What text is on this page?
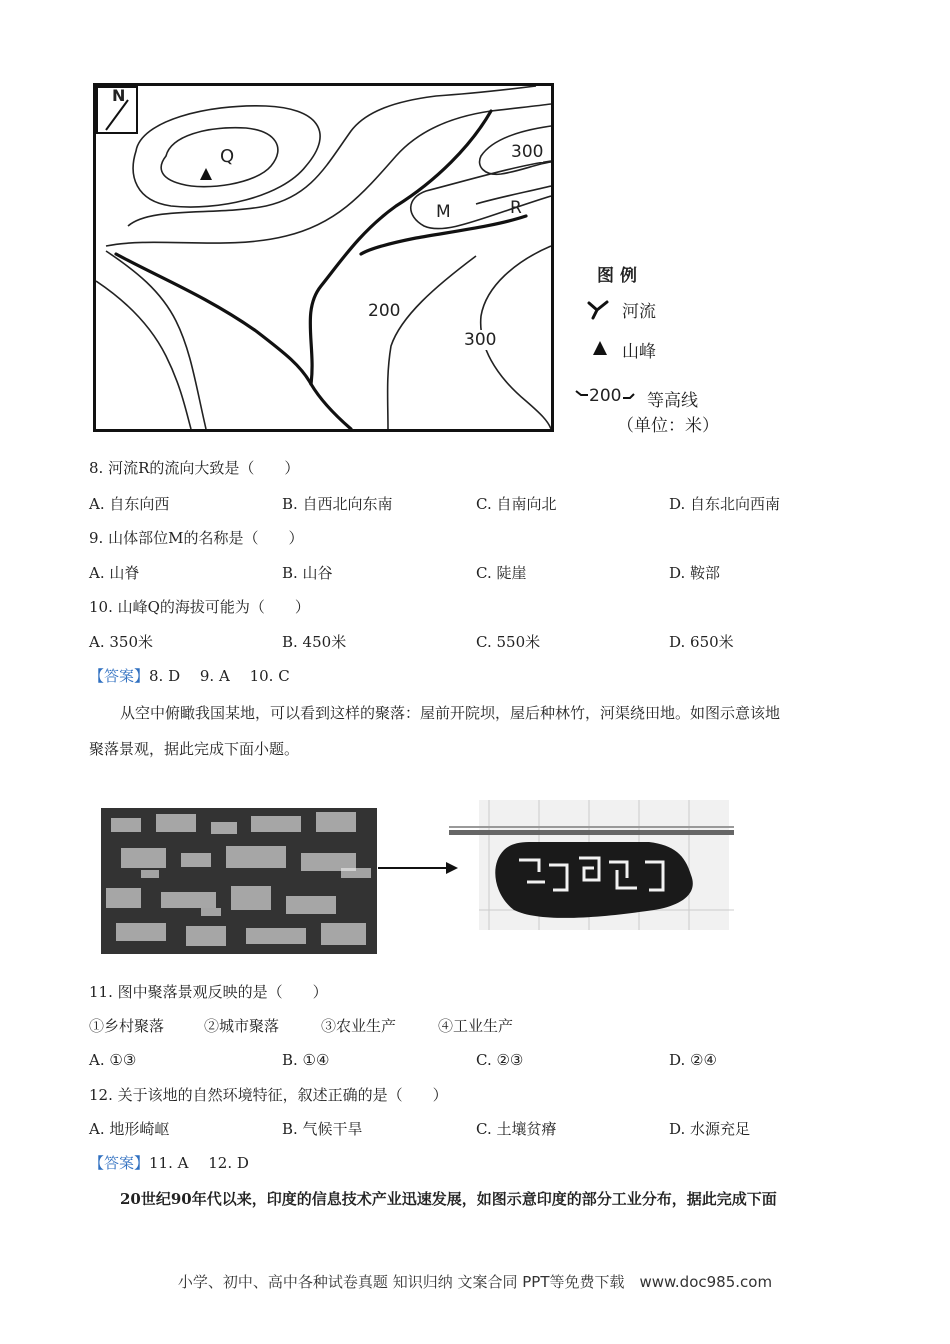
N
Q
M	R
300
200
300
图例
河流
山峰
200 等高线
（单位：米）
8. 河流R的流向大致是（　　）
A. 自东向西	B. 自西北向东南	C. 自南向北	D. 自东北向西南
9. 山体部位M的名称是（　　）
A. 山脊	B. 山谷	C. 陡崖	D. 鞍部
10. 山峰Q的海拔可能为（　　）
A. 350米	B. 450米	C. 550米	D. 650米
【答案】8. D　 9. A　 10. C
从空中俯瞰我国某地，可以看到这样的聚落：屋前开院坝，屋后种林竹，河渠绕田地。如图示意该地
聚落景观，据此完成下面小题。
11. 图中聚落景观反映的是（　　）
①乡村聚落	②城市聚落	③农业生产	④工业生产
A. ①③	B. ①④	C. ②③	D. ②④
12. 关于该地的自然环境特征，叙述正确的是（　　）
A. 地形崎岖	B. 气候干旱	C. 土壤贫瘠	D. 水源充足
【答案】11. A　 12. D
20世纪90年代以来，印度的信息技术产业迅速发展，如图示意印度的部分工业分布，据此完成下面
小学、初中、高中各种试卷真题 知识归纳 文案合同 PPT等免费下载　www.doc985.com
